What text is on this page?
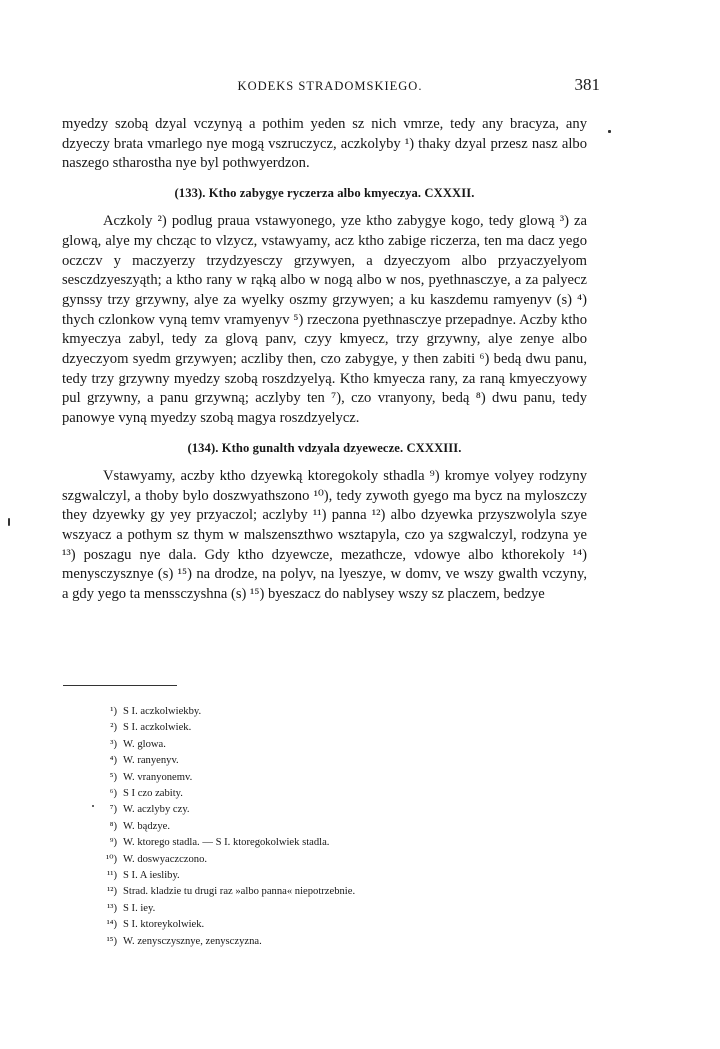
KODEKS STRADOMSKIEGO.	381

myedzy szobą dzyal vczynyą a pothim yeden sz nich vmrze, tedy any bracyza, any dzyeczy brata vmarlego nye mogą vszruczycz, aczkolyby ¹) thaky dzyal przesz nasz albo naszego stharostha nye byl pothwyerdzon.

(133). Ktho zabygye ryczerza albo kmyeczya. CXXXII.

Aczkoly ²) podlug praua vstawyonego, yze ktho zabygye kogo, tedy glową ³) za glową, alye my chcząc to vlzycz, vstawyamy, acz ktho zabige riczerza, ten ma dacz yego oczczv y maczyerzy trzydzyesczy grzywyen, a dzyeczyom albo przyaczyelyom sesczdzyeszyąth; a ktho rany w rąką albo w nogą albo w nos, pyethnasczye, a za palyecz gynssy trzy grzywny, alye za wyelky oszmy grzywyen; a ku kaszdemu ramyenyv (s) ⁴) thych czlonkow vyną temv vramyenyv ⁵) rzeczona pyethnasczye przepadnye. Aczby ktho kmyeczya zabyl, tedy za glovą panv, czyy kmyecz, trzy grzywny, alye zenye albo dzyeczyom syedm grzywyen; aczliby then, czo zabygye, y then zabiti ⁶) bedą dwu panu, tedy trzy grzywny myedzy szobą roszdzyelyą. Ktho kmyecza rany, za raną kmyeczyowy pul grzywny, a panu grzywną; aczlyby ten ⁷), czo vranyony, bedą ⁸) dwu panu, tedy panowye vyną myedzy szobą magya roszdzyelycz.

(134). Ktho gunalth vdzyala dzyewecze. CXXXIII.

Vstawyamy, aczby ktho dzyewką ktoregokoly sthadla ⁹) kromye volyey rodzyny szgwalczyl, a thoby bylo doszwyathszono ¹⁰), tedy zywoth gyego ma bycz na myloszczy they dzyewky gy yey przyaczol; aczlyby ¹¹) panna ¹²) albo dzyewka przyszwolyla szye wszyacz a pothym sz thym w malszenszthwo wsztapyla, czo ya szgwalczyl, rodzyna ye ¹³) poszagu nye dala. Gdy ktho dzyewcze, mezathcze, vdowye albo kthorekoly ¹⁴) menysczysznye (s) ¹⁵) na drodze, na polyv, na lyeszye, w domv, ve wszy gwalth vczyny, a gdy yego ta menssczyshna (s) ¹⁵) byeszacz do nablysey wszy sz placzem, bedzye

¹) S I. aczkolwiekby.
²) S I. aczkolwiek.
³) W. glowa.
⁴) W. ranyenyv.
⁵) W. vranyonemv.
⁶) S I czo zabity.
⁷) W. aczlyby czy.
⁸) W. bądzye.
⁹) W. ktorego stadla. — S I. ktoregokolwiek stadla.
¹⁰) W. doswyaczczono.
¹¹) S I. A iesliby.
¹²) Strad. kladzie tu drugi raz »albo panna« niepotrzebnie.
¹³) S I. iey.
¹⁴) S I. ktoreykolwiek.
¹⁵) W. zenysczysznye, zenysczyzna.
